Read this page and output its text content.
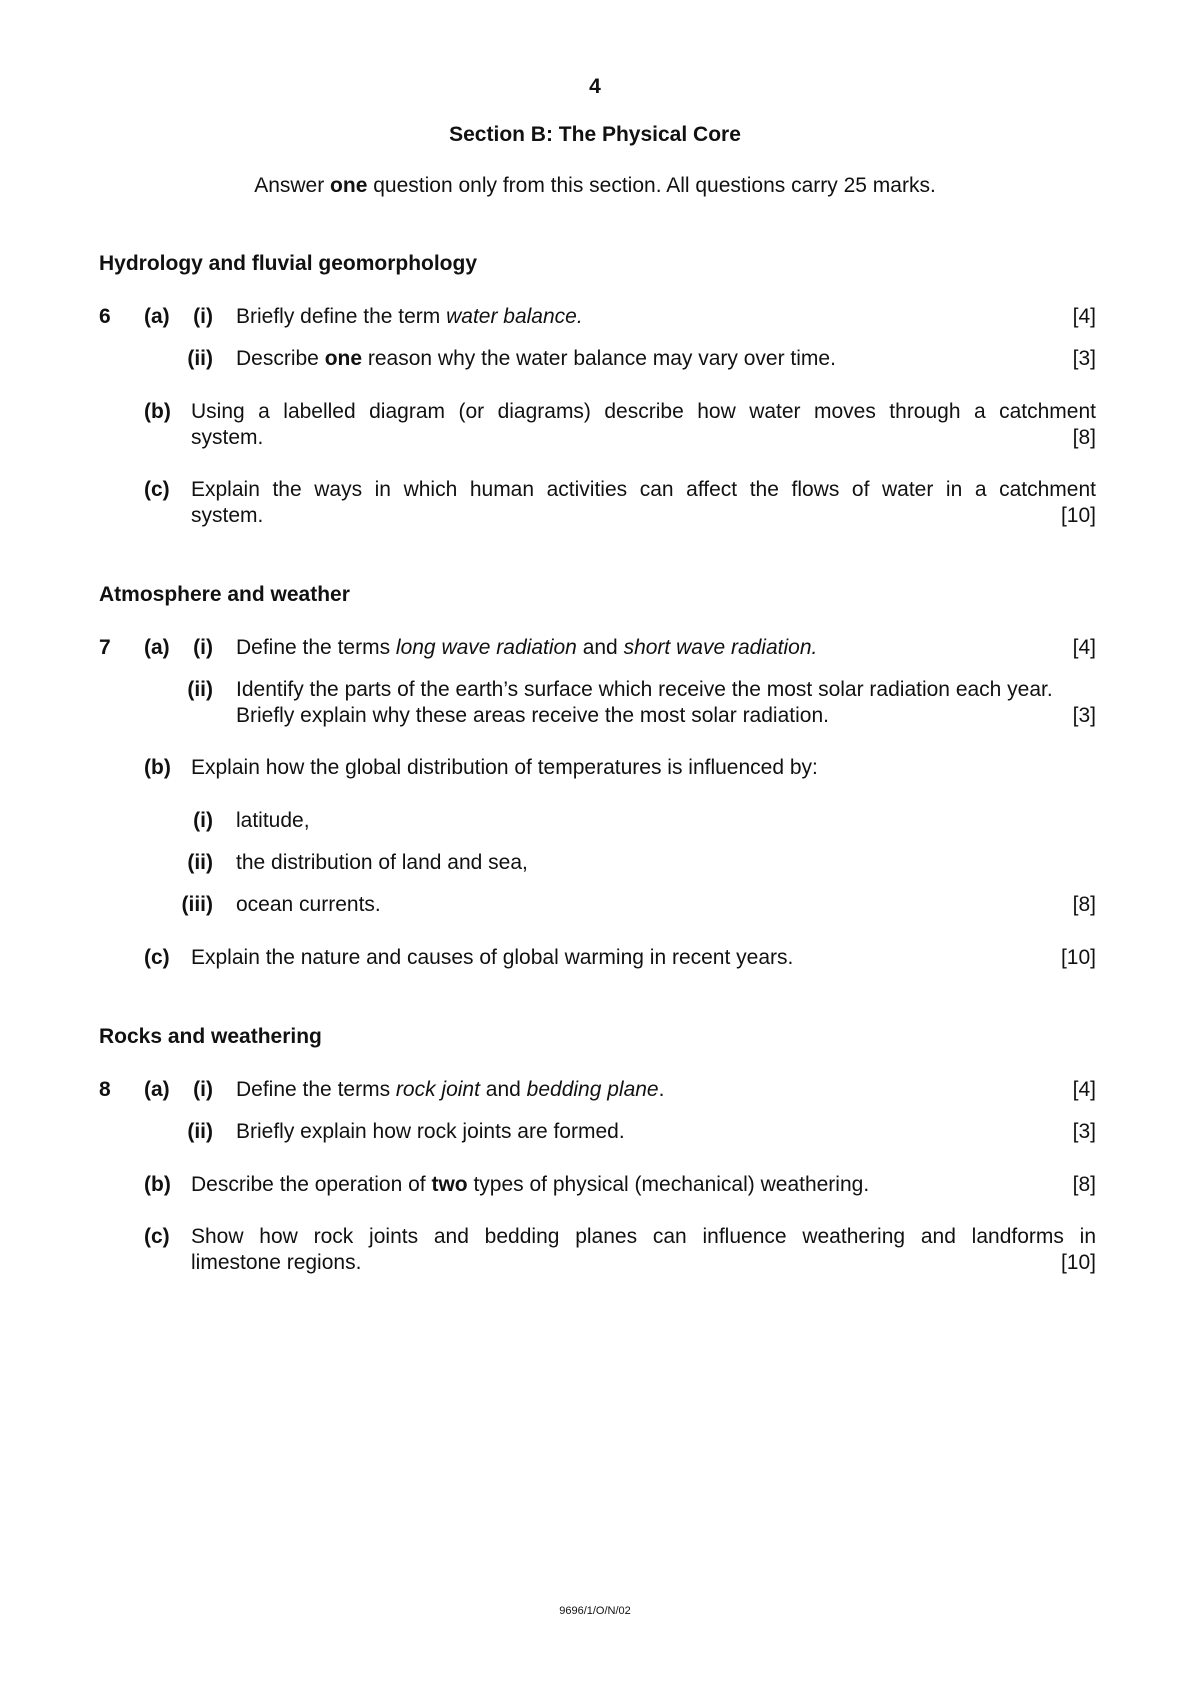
4
Section B: The Physical Core
Answer one question only from this section. All questions carry 25 marks.
Hydrology and fluvial geomorphology
6 (a)	(i) Briefly define the term water balance.	[4]
(ii) Describe one reason why the water balance may vary over time.	[3]
(b) Using a labelled diagram (or diagrams) describe how water moves through a catchment
system.	[8]
(c) Explain the ways in which human activities can affect the flows of water in a catchment
system.	[10]
Atmosphere and weather
7 (a)	(i) Define the terms long wave radiation and short wave radiation.	[4]
(ii) Identify the parts of the earth’s surface which receive the most solar radiation each year.
Briefly explain why these areas receive the most solar radiation.	[3]
(b) Explain how the global distribution of temperatures is influenced by:
(i) latitude,
(ii) the distribution of land and sea,
(iii) ocean currents.	[8]
(c) Explain the nature and causes of global warming in recent years.	[10]
Rocks and weathering
8 (a)	(i) Define the terms rock joint and bedding plane.	[4]
(ii) Briefly explain how rock joints are formed.	[3]
(b) Describe the operation of two types of physical (mechanical) weathering.	[8]
(c) Show how rock joints and bedding planes can influence weathering and landforms in
limestone regions.	[10]
9696/1/O/N/02
